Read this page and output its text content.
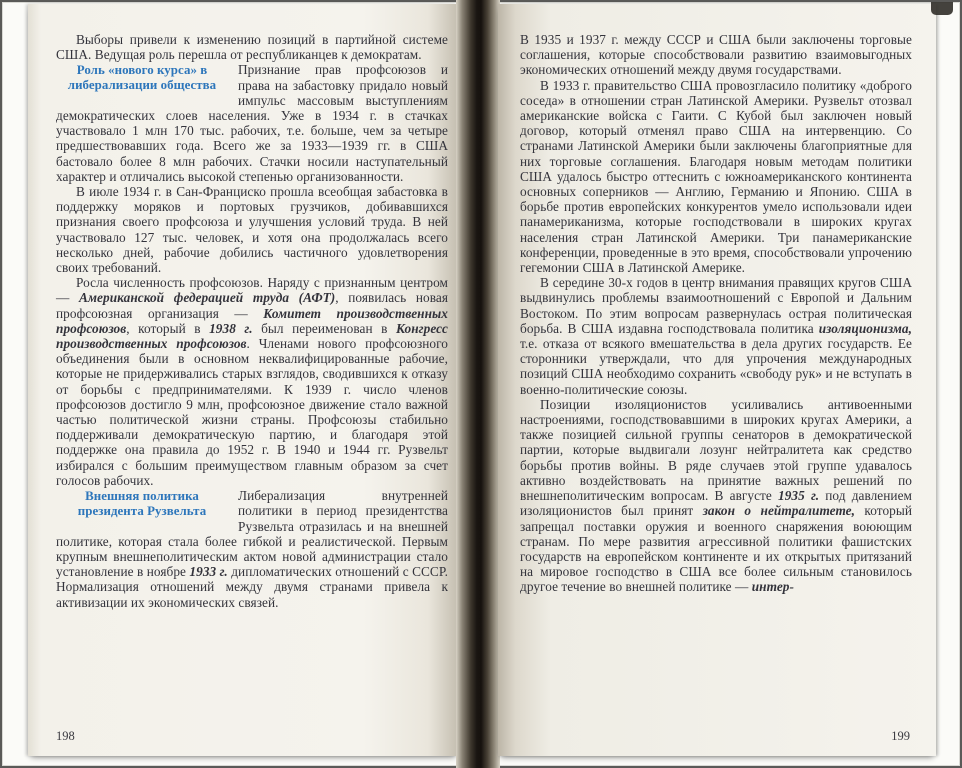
Выборы привели к изменению позиций в партийной системе США. Ведущая роль перешла от республиканцев к демократам.

Роль «нового курса» в либерализации общества
Признание прав профсоюзов и права на забастовку придало новый импульс массовым выступлениям демократических слоев населения. Уже в 1934 г. в стачках участвовало 1 млн 170 тыс. рабочих, т.е. больше, чем за четыре предшествовавших года. Всего же за 1933—1939 гг. в США бастовало более 8 млн рабочих. Стачки носили наступательный характер и отличались высокой степенью организованности.

В июле 1934 г. в Сан-Франциско прошла всеобщая забастовка в поддержку моряков и портовых грузчиков, добивавшихся признания своего профсоюза и улучшения условий труда. В ней участвовало 127 тыс. человек, и хотя она продолжалась всего несколько дней, рабочие добились частичного удовлетворения своих требований.

Росла численность профсоюзов. Наряду с признанным центром — Американской федерацией труда (АФТ), появилась новая профсоюзная организация — Комитет производственных профсоюзов, который в 1938 г. был переименован в Конгресс производственных профсоюзов. Членами нового профсоюзного объединения были в основном неквалифицированные рабочие, которые не придерживались старых взглядов, сводившихся к отказу от борьбы с предпринимателями. К 1939 г. число членов профсоюзов достигло 9 млн, профсоюзное движение стало важной частью политической жизни страны. Профсоюзы стабильно поддерживали демократическую партию, и благодаря этой поддержке она правила до 1952 г. В 1940 и 1944 гг. Рузвельт избирался с большим преимуществом главным образом за счет голосов рабочих.

Внешняя политика президента Рузвельта
Либерализация внутренней политики в период президентства Рузвельта отразилась и на внешней политике, которая стала более гибкой и реалистической. Первым крупным внешнеполитическим актом новой администрации стало установление в ноябре 1933 г. дипломатических отношений с СССР. Нормализация отношений между двумя странами привела к активизации их экономических связей.

198

В 1935 и 1937 г. между СССР и США были заключены торговые соглашения, которые способствовали развитию взаимовыгодных экономических отношений между двумя государствами.

В 1933 г. правительство США провозгласило политику «доброго соседа» в отношении стран Латинской Америки. Рузвельт отозвал американские войска с Гаити. С Кубой был заключен новый договор, который отменял право США на интервенцию. Со странами Латинской Америки были заключены благоприятные для них торговые соглашения. Благодаря новым методам политики США удалось быстро оттеснить с южноамериканского континента основных соперников — Англию, Германию и Японию. США в борьбе против европейских конкурентов умело использовали идеи панамериканизма, которые господствовали в широких кругах населения стран Латинской Америки. Три панамериканские конференции, проведенные в это время, способствовали упрочению гегемонии США в Латинской Америке.

В середине 30-х годов в центр внимания правящих кругов США выдвинулись проблемы взаимоотношений с Европой и Дальним Востоком. По этим вопросам развернулась острая политическая борьба. В США издавна господствовала политика изоляционизма, т.е. отказа от всякого вмешательства в дела других государств. Ее сторонники утверждали, что для упрочения международных позиций США необходимо сохранить «свободу рук» и не вступать в военно-политические союзы.

Позиции изоляционистов усиливались антивоенными настроениями, господствовавшими в широких кругах Америки, а также позицией сильной группы сенаторов в демократической партии, которые выдвигали лозунг нейтралитета как средство борьбы против войны. В ряде случаев этой группе удавалось активно воздействовать на принятие важных решений по внешнеполитическим вопросам. В августе 1935 г. под давлением изоляционистов был принят закон о нейтралитете, который запрещал поставки оружия и военного снаряжения воюющим странам. По мере развития агрессивной политики фашистских государств на европейском континенте и их открытых притязаний на мировое господство в США все более сильным становилось другое течение во внешней политике — интер-

199
